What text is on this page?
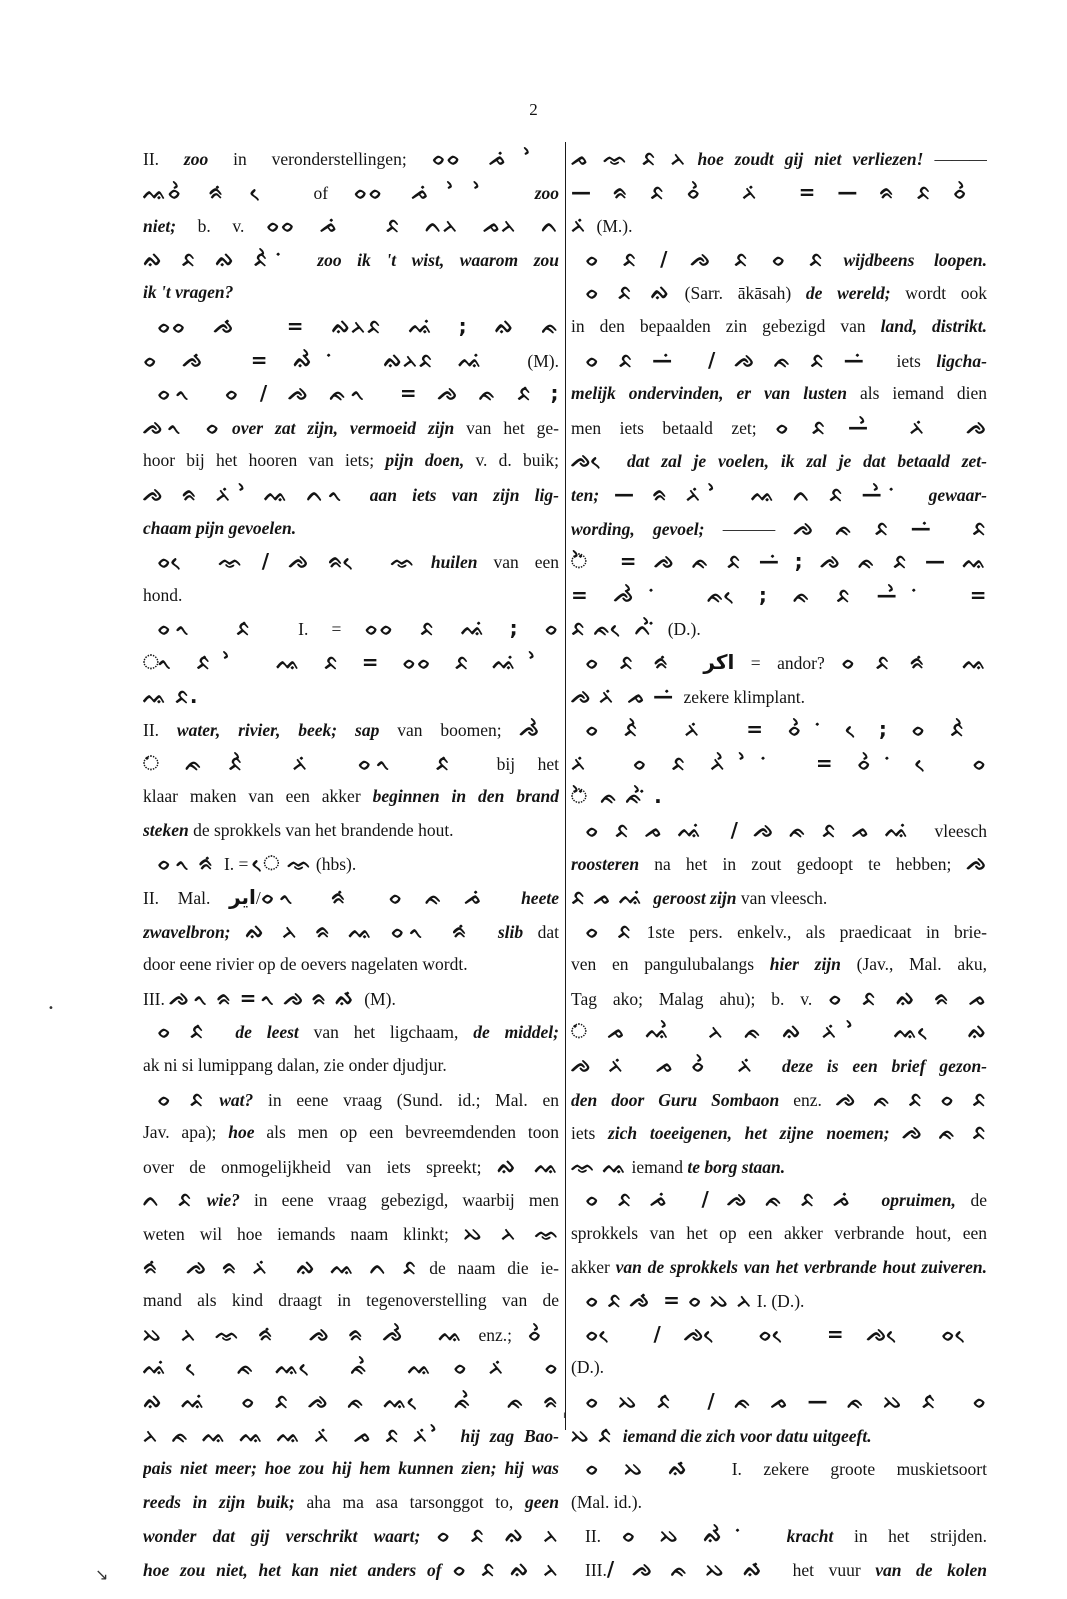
2
II. zoo in veronderstellingen; ᨔᨔ ᨍ ᨗ ᨛ
ᨕᨔ ᨛᨑ ᨗ ᨙ of ᨔᨔ ᨍ ᨗ ᨛ ᨛ zoo
niet; b. v. ᨔᨔ ᨍ ᨗ ᨅ ᨈᨂ ᨍᨂ ᨈ
ᨁ ᨅ ᨁ ᨅ ᨛ ᨗ zoo ik 't wist, waarom zou
ik 't vragen?
ᨔᨔ ᨌ ᨗ = ᨁᨂᨅ ᨕ ᨗ; ᨁ ᨃ
ᨔ ᨌ ᨗ = ᨁ ᨛ ᨗ ᨁᨂᨅ ᨕ ᨗ (M).
ᨔ ᨚ ᨔ / ᨌ ᨃ ᨚ = ᨌ ᨃ ᨅ ᨗ;
ᨌ ᨚ ᨔ over zat zijn, vermoeid zijn van het ge-
hoor bij het hooren van iets; pijn doen, v. d. buik;
ᨌ ᨑ ᨂ ᨗ ᨛᨕ ᨈ ᨚ aan iets van zijn lig-
chaam pijn gevoelen.
ᨔ ᨙ ᨎ / ᨌ ᨑ ᨙ ᨎ huilen van een
hond.
ᨔ ᨚ ᨅ ᨗ I. = ᨔᨔ ᨅ ᨕ ᨗ; ᨔ
ᨚ ᨅ ᨗ ᨛ ᨕ ᨅ = ᨔᨔ ᨅ ᨕ ᨗ ᨛ
ᨕ ᨅ.
II. water, rivier, beek; sap van boomen; ᨌ ᨛ
ᨗ ᨃ ᨅ ᨛ ᨂ ᨗ ᨔ ᨚ ᨅ ᨗ bij het
klaar maken van een akker beginnen in den brand
steken de sprokkels van het brandende hout.
ᨔ ᨚ ᨑ ᨗ I. = ᨙ ᨎ (hbs).
II. Mal. اير/ᨔ ᨚ ᨑ ᨗ ᨔ ᨃ ᨍ ᨗ heete
zwavelbron; ᨁ ᨂ ᨑ ᨕ ᨔ ᨚ ᨑ ᨗ slib dat
door eene rivier op de oevers nagelaten wordt.
III. ᨌ ᨚ ᨑ = ᨚ ᨌ ᨑ ᨁ ᨗ (M).
ᨔ ᨅ ᨗ de leest van het ligchaam, de middel;
ak ni si lumippang dalan, zie onder djudjur.
ᨔ ᨅ wat? in eene vraag (Sund. id.; Mal. en
Jav. apa); hoe als men op een bevreemdenden toon
over de onmogelijkheid van iets spreekt; ᨁ ᨕ
ᨈ ᨅ wie? in eene vraag gebezigd, waarbij men
weten wil hoe iemands naam klinkt; ᨇ ᨂ ᨎ
ᨑ ᨗ ᨌ ᨑ ᨂ ᨗ ᨁ ᨕ ᨈ ᨅ de naam die ie-
mand als kind draagt in tegenoverstelling van de
ᨇ ᨂ ᨎ ᨑ ᨗ ᨌ ᨑ ᨌ ᨛ ᨕ enz.; ᨔ ᨛ
ᨕ ᨗ ᨙ ᨃ ᨕ ᨙ ᨃ ᨛ ᨕ ᨔ ᨂ ᨗ ᨔ
ᨁ ᨕ ᨗ ᨔ ᨅ ᨌ ᨃ ᨕ ᨙ ᨃ ᨛ ᨃ ᨑ
ᨂ ᨃ ᨕ ᨕ ᨕ ᨂ ᨗ ᨍ ᨅ ᨂ ᨗ ᨛ hij zag Bao-
pais niet meer; hoe zou hij hem kunnen zien; hij was
reeds in zijn buik; aha ma asa tarsonggot to, geen
wonder dat gij verschrikt waart; ᨔ ᨅ ᨁ ᨂ
hoe zou niet, het kan niet anders of ᨔ ᨅ ᨁ ᨂ
ᨍ ᨎ ᨅ ᨂ hoe zoudt gij niet verliezen! ———
— ᨑ ᨅ ᨔ ᨛ ᨂ ᨗ = — ᨑ ᨅ ᨔ ᨛ
ᨂ ᨗ (M.).
ᨔ ᨅ / ᨌ ᨅ ᨔ ᨅ wijdbeens loopen.
ᨔ ᨅ ᨁ (Sarr. ākāsah) de wereld; wordt ook
in den bepaalden zin gebezigd van land, distrikt.
ᨔ ᨅ — ᨗ / ᨌ ᨃ ᨅ — ᨗ iets ligcha-
melijk ondervinden, er van lusten als iemand dien
men iets betaald zet; ᨔ ᨅ — ᨛ ᨂ ᨗ ᨌ
ᨌ ᨙ dat zal je voelen, ik zal je dat betaald zet-
ten; — ᨑ ᨂ ᨗ ᨛ ᨕ ᨈ ᨅ — ᨛ ᨗ gewaar-
wording, gevoel; ——— ᨌ ᨃ ᨅ — ᨗ ᨅ
ᨛ ᨗ = ᨌ ᨃ ᨅ — ᨗ; ᨌ ᨃ ᨅ — ᨕ
= ᨌ ᨛ ᨗ ᨃ ᨙ; ᨃ ᨅ — ᨛ ᨗ =
ᨅ ᨃ ᨙ ᨈ ᨛ ᨗ (D.).
ᨔ ᨅ ᨑ ᨗ اكر = andor? ᨔ ᨅ ᨑ ᨗ ᨕ
ᨌ ᨂ ᨗ ᨍ — ᨗ zekere klimplant.
ᨔ ᨅ ᨛ ᨂ ᨗ = ᨔ ᨛ ᨗ ᨙ; ᨔ ᨅ ᨛ
ᨂ ᨗ ᨔ ᨅ ᨂ ᨛ ᨛ ᨗ = ᨔ ᨛ ᨗ ᨙ ᨔ
ᨛ ᨗ ᨃ ᨃ ᨛ ᨗ.
ᨔ ᨅ ᨍ ᨕ ᨗ / ᨌ ᨃ ᨅ ᨍ ᨕ ᨗ vleesch
roosteren na het in zout gedoopt te hebben; ᨌ
ᨅ ᨍ ᨕ ᨗ geroost zijn van vleesch.
ᨔ ᨅ 1ste pers. enkelv., als praedicaat in brie-
ven en pangulubalangs hier zijn (Jav., Mal. aku,
Tag ako; Malag ahu); b. v. ᨔ ᨅ ᨁ ᨑ ᨍ
ᨗ ᨍ ᨕ ᨛ ᨂ ᨃ ᨁ ᨂ ᨗ ᨛ ᨕ ᨙ ᨁ
ᨌ ᨂ ᨗ ᨍ ᨔ ᨛ ᨂ ᨗ deze is een brief gezon-
den door Guru Sombaon enz. ᨌ ᨃ ᨅ ᨔ ᨅ
iets zich toeeigenen, het zijne noemen; ᨌ ᨃ ᨅ
ᨎ ᨕ iemand te borg staan.
ᨔ ᨅ ᨍ ᨗ / ᨌ ᨃ ᨅ ᨍ ᨗ opruimen, de
sprokkels van het op een akker verbrande hout, een
akker van de sprokkels van het verbrande hout zuiveren.
ᨔ ᨅ ᨌ ᨗ = ᨔ ᨇ ᨂ I. (D.).
ᨔ ᨙ / ᨌ ᨙ ᨔ ᨙ = ᨌ ᨙ ᨔ ᨙ
(D.).
ᨔ ᨇ ᨅ ᨗ / ᨃ ᨍ — ᨃ ᨇ ᨅ ᨗ ᨔ
ᨇ ᨅ ᨗ iemand die zich voor datu uitgeeft.
ᨔ ᨇ ᨁ ᨗ I. zekere groote muskietsoort
(Mal. id.).
II. ᨔ ᨇ ᨁ ᨛ ᨗ kracht in het strijden.
III./ ᨌ ᨃ ᨇ ᨁ ᨗ het vuur van de kolen
•
↘
ı
